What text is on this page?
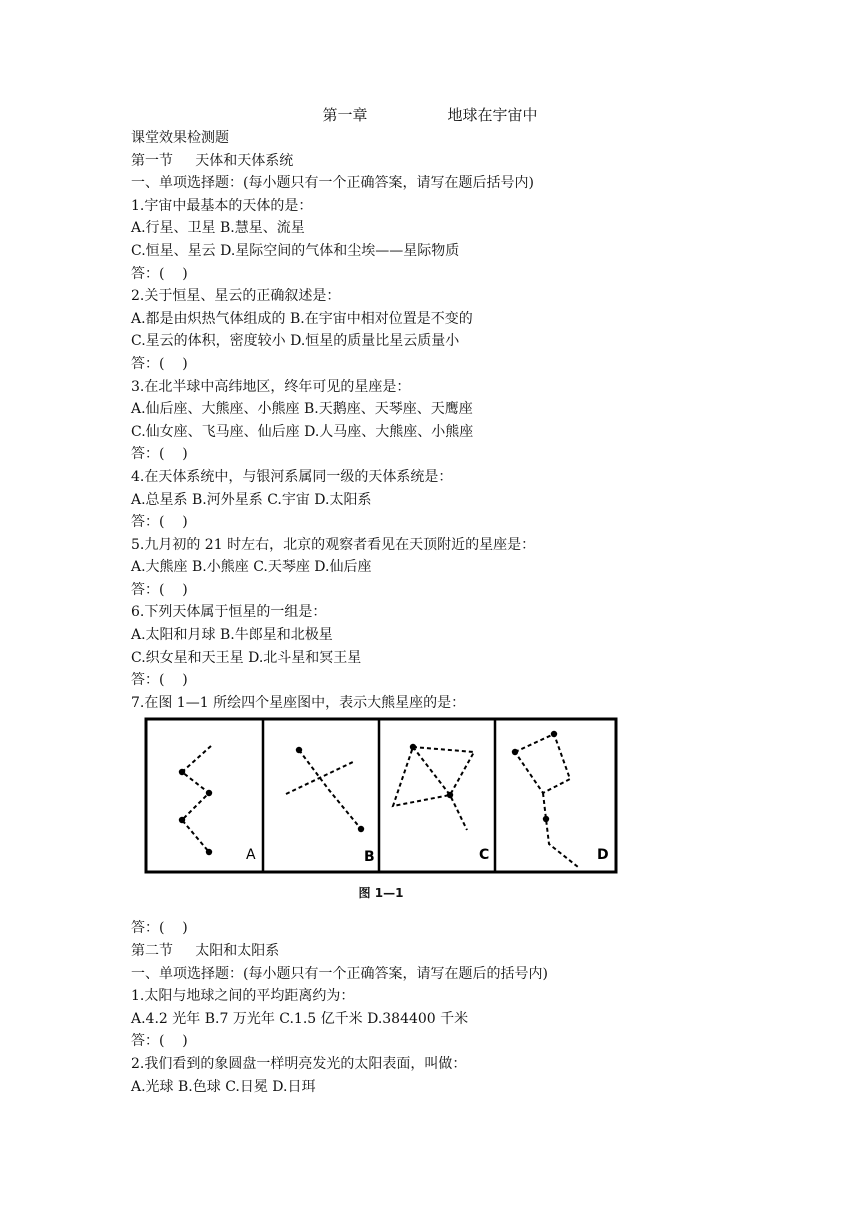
第一章	地球在宇宙中
课堂效果检测题
第一节     天体和天体系统
一、单项选择题：(每小题只有一个正确答案，请写在题后括号内)
1.宇宙中最基本的天体的是：
A.行星、卫星 B.慧星、流星
C.恒星、星云 D.星际空间的气体和尘埃——星际物质
答：(    )
2.关于恒星、星云的正确叙述是：
A.都是由炽热气体组成的 B.在宇宙中相对位置是不变的
C.星云的体积，密度较小 D.恒星的质量比星云质量小
答：(    )
3.在北半球中高纬地区，终年可见的星座是：
A.仙后座、大熊座、小熊座 B.天鹅座、天琴座、天鹰座
C.仙女座、飞马座、仙后座 D.人马座、大熊座、小熊座
答：(    )
4.在天体系统中，与银河系属同一级的天体系统是：
A.总星系 B.河外星系 C.宇宙 D.太阳系
答：(    )
5.九月初的 21 时左右，北京的观察者看见在天顶附近的星座是：
A.大熊座 B.小熊座 C.天琴座 D.仙后座
答：(    )
6.下列天体属于恒星的一组是：
A.太阳和月球 B.牛郎星和北极星
C.织女星和天王星 D.北斗星和冥王星
答：(    )
7.在图 1—1 所绘四个星座图中，表示大熊星座的是：
A	B	C	D
图 1—1
答：(    )
第二节     太阳和太阳系
一、单项选择题：(每小题只有一个正确答案，请写在题后的括号内)
1.太阳与地球之间的平均距离约为：
A.4.2 光年 B.7 万光年 C.1.5 亿千米 D.384400 千米
答：(    )
2.我们看到的象圆盘一样明亮发光的太阳表面，叫做：
A.光球 B.色球 C.日冕 D.日珥
